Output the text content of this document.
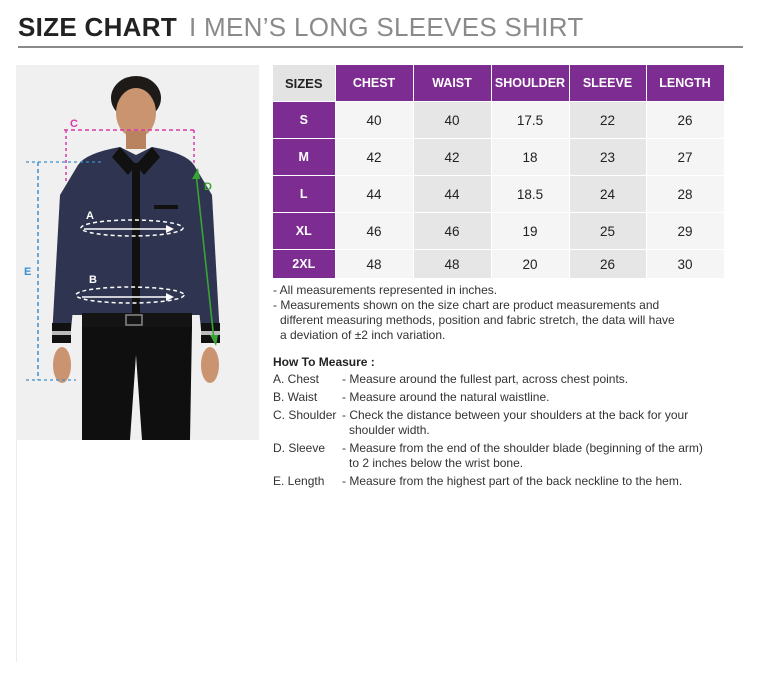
SIZE CHART I MEN’S LONG SLEEVES SHIRT
C
D
E
A
B
SIZES	CHEST	WAIST	SHOULDER	SLEEVE	LENGTH
S	40	40	17.5	22	26
M	42	42	18	23	27
L	44	44	18.5	24	28
XL	46	46	19	25	29
2XL	48	48	20	26	30
- All measurements represented in inches.
- Measurements shown on the size chart are product measurements and
different measuring methods, position and fabric stretch, the data will have
a deviation of ±2 inch variation.
How To Measure :
A. Chest	- Measure around the fullest part, across chest points.
B. Waist	- Measure around the natural waistline.
C. Shoulder - Check the distance between your shoulders at the back for your
shoulder width.
D. Sleeve	- Measure from the end of the shoulder blade (beginning of the arm)
to 2 inches below the wrist bone.
E. Length	- Measure from the highest part of the back neckline to the hem.
